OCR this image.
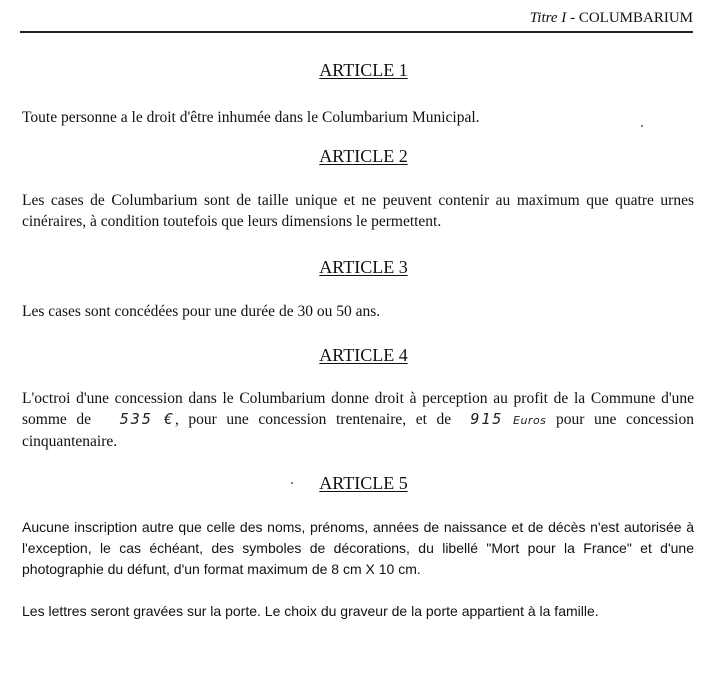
Titre I - COLUMBARIUM
ARTICLE 1
Toute personne a le droit d'être inhumée dans le Columbarium Municipal.
ARTICLE 2
Les cases de Columbarium sont de taille unique et ne peuvent contenir au maximum que quatre urnes cinéraires, à condition toutefois que leurs dimensions le permettent.
ARTICLE 3
Les cases sont concédées pour une durée de 30 ou 50 ans.
ARTICLE 4
L'octroi d'une concession dans le Columbarium donne droit à perception au profit de la Commune d'une somme de 535 €, pour une concession trentenaire, et de 915 Euros pour une concession cinquantenaire.
ARTICLE 5
Aucune inscription autre que celle des noms, prénoms, années de naissance et de décès n'est autorisée à l'exception, le cas échéant, des symboles de décorations, du libellé "Mort pour la France" et d'une photographie du défunt, d'un format maximum de 8 cm X 10 cm.
Les lettres seront gravées sur la porte. Le choix du graveur de la porte appartient à la famille.
